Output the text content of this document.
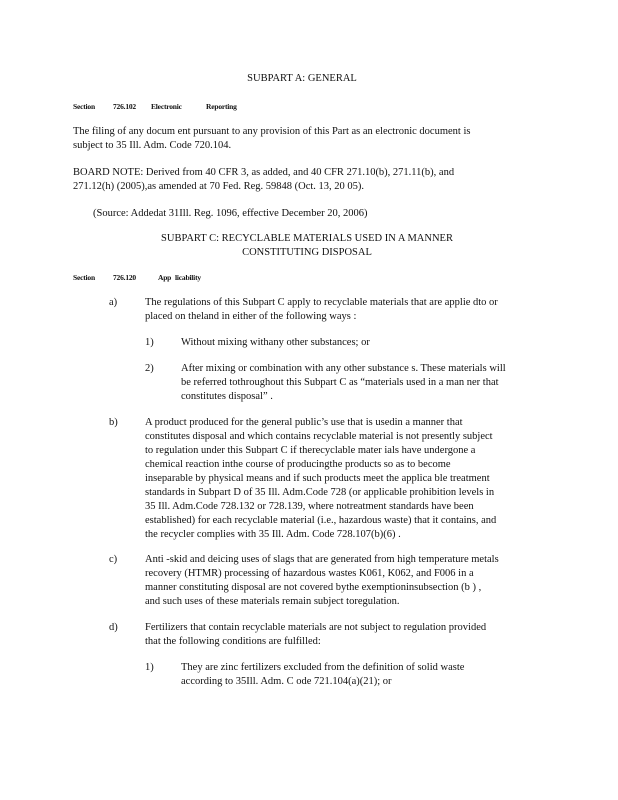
SUBPART A: GENERAL
Section 726.102 Electronic	Reporting
The filing of any docum ent pursuant to any provision of this Part as an electronic document is
subject to 35 Ill. Adm. Code 720.104.
BOARD NOTE: Derived from 40 CFR 3, as added, and 40 CFR 271.10(b), 271.11(b), and
271.12(h) (2005),as amended at 70 Fed. Reg. 59848 (Oct. 13, 20 05).
(Source: Addedat 31Ill. Reg. 1096, effective December 20, 2006)
SUBPART C: RECYCLABLE MATERIALS USED IN A MANNER
CONSTITUTING DISPOSAL
Section 726.120	App licability
a)	The regulations of this Subpart C apply to recyclable materials that are applie dto or
placed on theland in either of the following ways :
1)	Without mixing withany other substances; or
2)	After mixing or combination with any other substance s. These materials will
be referred tothroughout this Subpart C as “materials used in a man ner that
constitutes disposal” .
b)	A product produced for the general public’s use that is usedin a manner that
constitutes disposal and which contains recyclable material is not presently subject
to regulation under this Subpart C if therecyclable mater ials have undergone a
chemical reaction inthe course of producingthe products so as to become
inseparable by physical means and if such products meet the applica ble treatment
standards in Subpart D of 35 Ill. Adm.Code 728 (or applicable prohibition levels in
35 Ill. Adm.Code 728.132 or 728.139, where notreatment standards have been
established) for each recyclable material (i.e., hazardous waste) that it contains, and
the recycler complies with 35 Ill. Adm. Code 728.107(b)(6) .
c)	Anti -skid and deicing uses of slags that are generated from high temperature metals
recovery (HTMR) processing of hazardous wastes K061, K062, and F006 in a
manner constituting disposal are not covered bythe exemptioninsubsection (b ) ,
and such uses of these materials remain subject toregulation.
d)	Fertilizers that contain recyclable materials are not subject to regulation provided
that the following conditions are fulfilled:
1)	They are zinc fertilizers excluded from the definition of solid waste
according to 35Ill. Adm. C ode 721.104(a)(21); or
